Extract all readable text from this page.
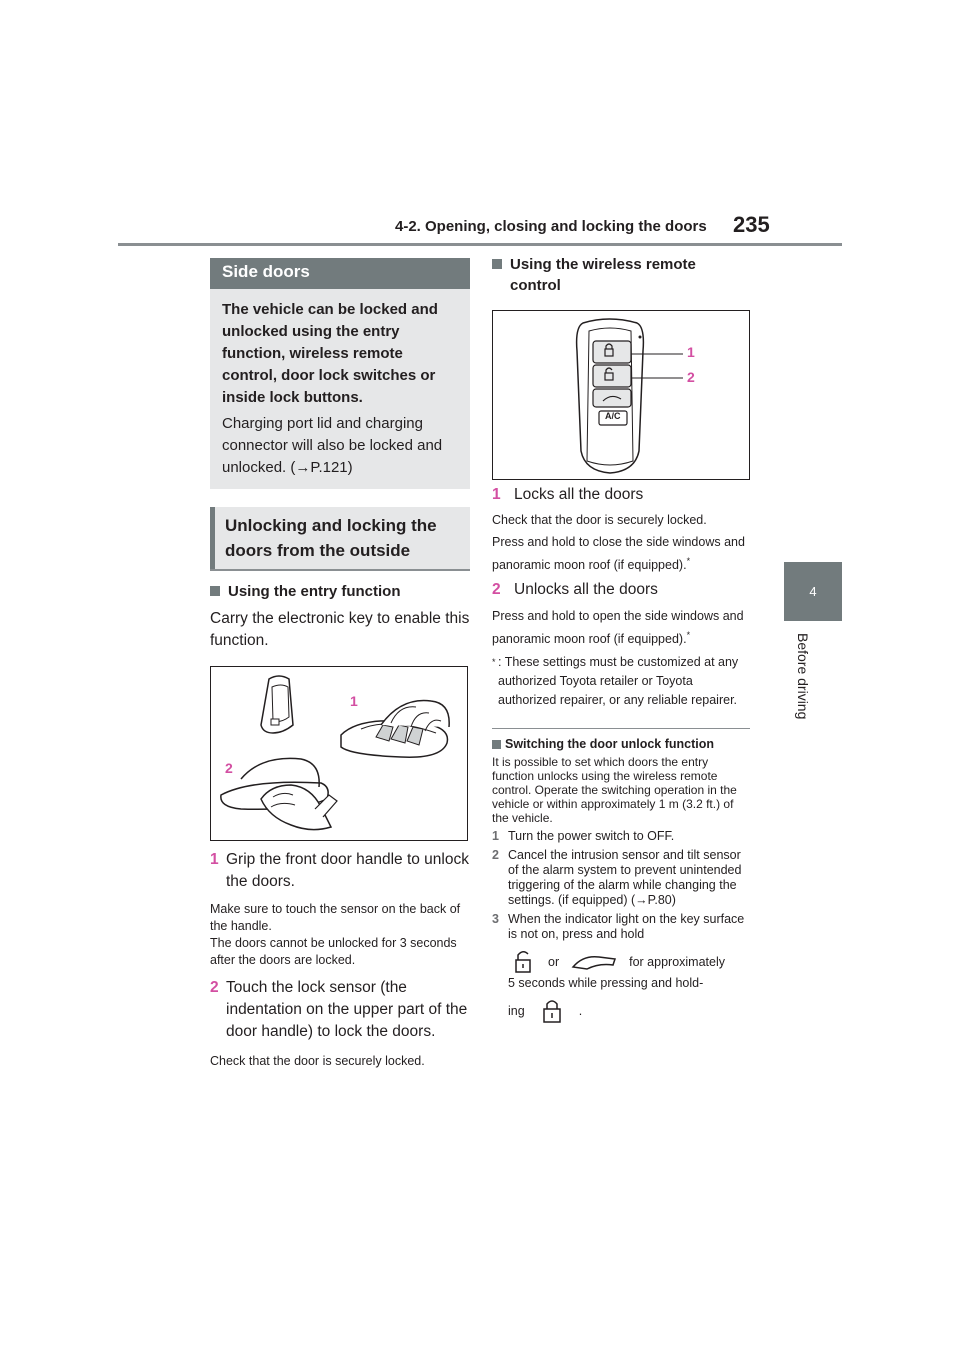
4-2. Opening, closing and locking the doors 235
4
Before driving
Side doors
The vehicle can be locked and unlocked using the entry function, wireless remote control, door lock switches or inside lock buttons.
Charging port lid and charging connector will also be locked and unlocked. (→P.121)
Unlocking and locking the doors from the outside
Using the entry function
Carry the electronic key to enable this function.
1
2
1 Grip the front door handle to unlock the doors.
Make sure to touch the sensor on the back of the handle.
The doors cannot be unlocked for 3 seconds after the doors are locked.
2 Touch the lock sensor (the indentation on the upper part of the door handle) to lock the doors.
Check that the door is securely locked.
Using the wireless remote control
A/C
1
2
1 Locks all the doors
Check that the door is securely locked.
Press and hold to close the side windows and panoramic moon roof (if equipped).*
2 Unlocks all the doors
Press and hold to open the side windows and panoramic moon roof (if equipped).*
* : These settings must be customized at any authorized Toyota retailer or Toyota authorized repairer, or any reliable repairer.
Switching the door unlock function
It is possible to set which doors the entry function unlocks using the wireless remote control. Operate the switching operation in the vehicle or within approximately 1 m (3.2 ft.) of the vehicle.
1 Turn the power switch to OFF.
2 Cancel the intrusion sensor and tilt sensor of the alarm system to prevent unintended triggering of the alarm while changing the settings. (if equipped) (→P.80)
3 When the indicator light on the key surface is not on, press and hold
or	for approximately
5 seconds while pressing and hold-
ing	.
